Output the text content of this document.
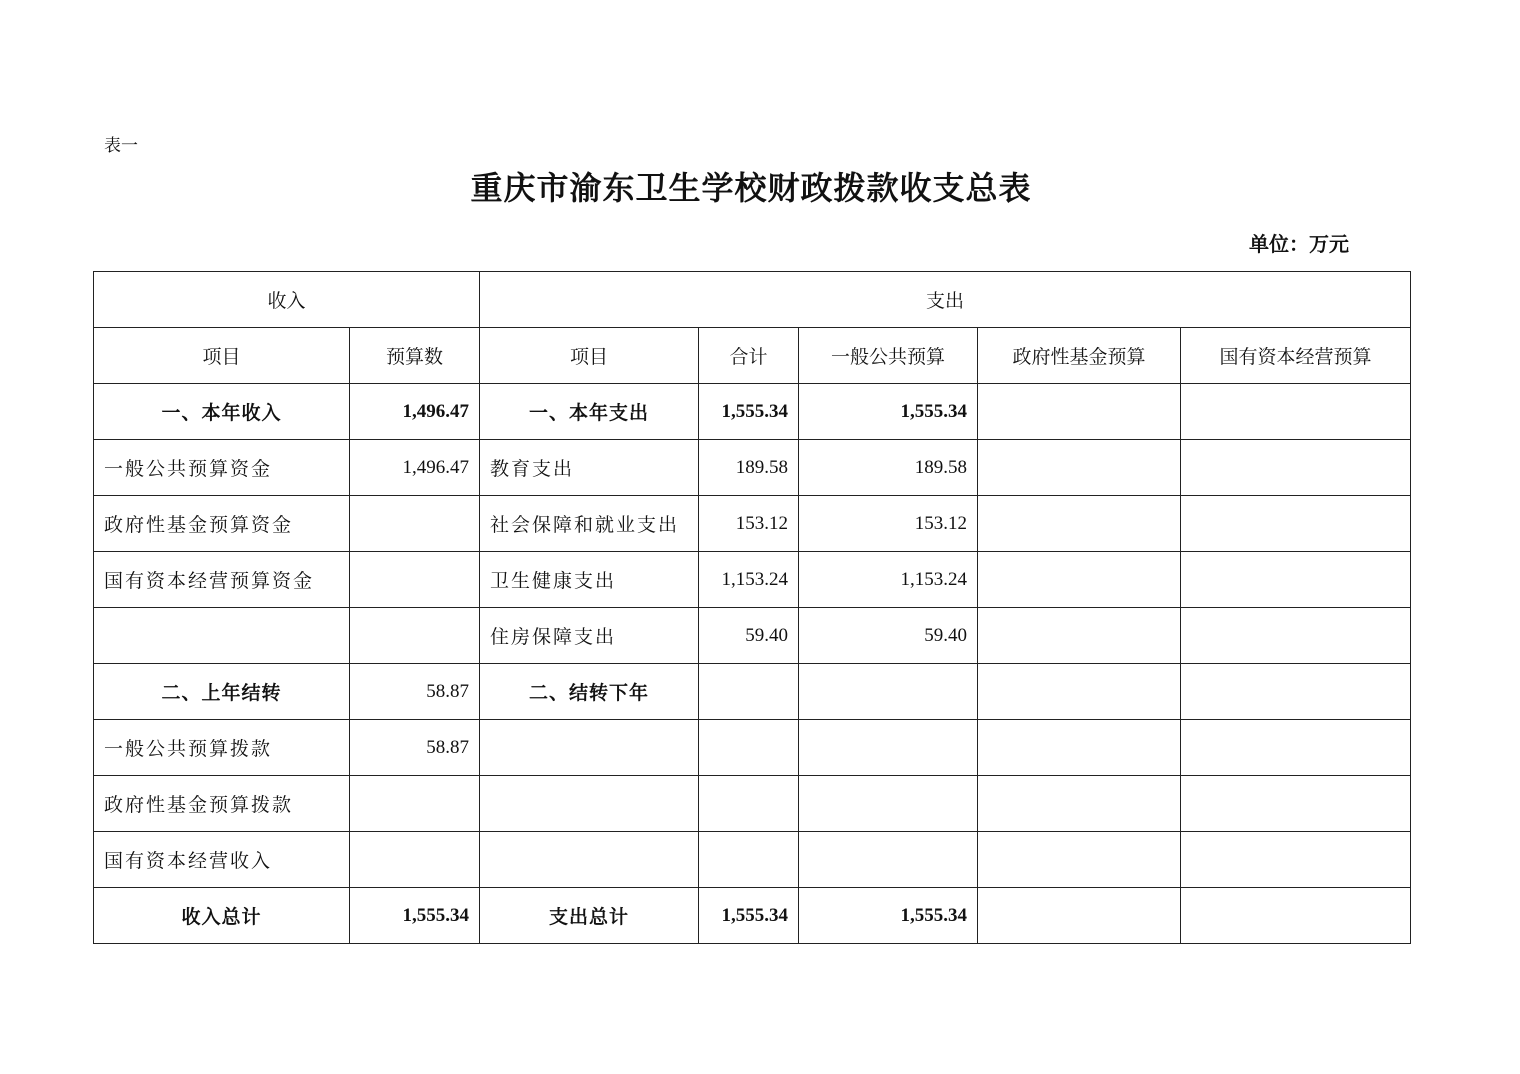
表一
重庆市渝东卫生学校财政拨款收支总表
单位：万元
收入		支出				
项目	预算数	项目	合计	一般公共预算	政府性基金预算	国有资本经营预算
一、本年收入	1,496.47	一、本年支出	1,555.34	1,555.34		
一般公共预算资金	1,496.47	教育支出	189.58	189.58		
政府性基金预算资金		社会保障和就业支出	153.12	153.12		
国有资本经营预算资金		卫生健康支出	1,153.24	1,153.24		
		住房保障支出	59.40	59.40		
二、上年结转	58.87	二、结转下年				
一般公共预算拨款	58.87					
政府性基金预算拨款						
国有资本经营收入						
收入总计	1,555.34	支出总计	1,555.34	1,555.34		
